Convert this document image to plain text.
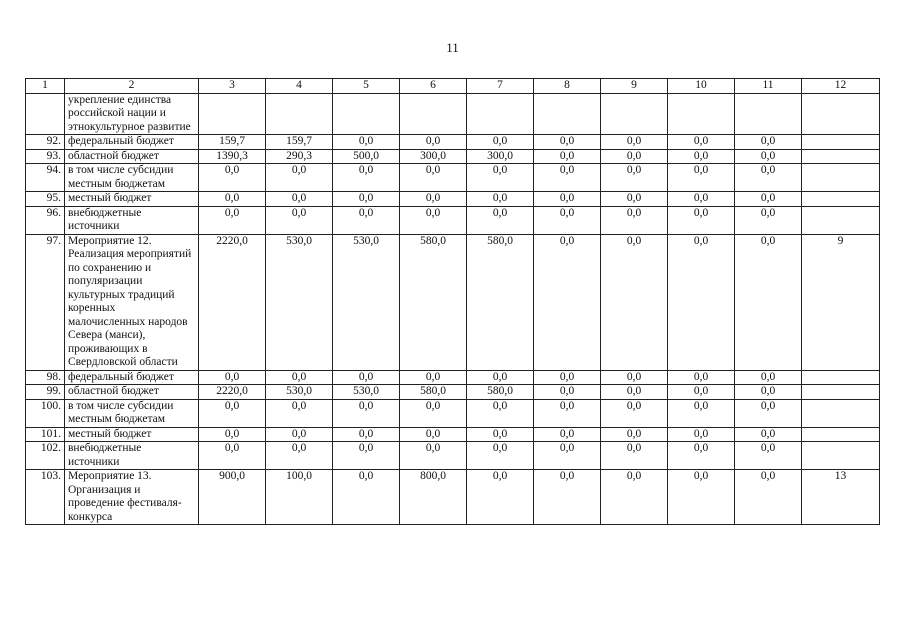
11
1	2	3	4	5	6	7	8	9	10	11	12
	укрепление единства российской нации и этнокультурное развитие										
92.	федеральный бюджет	159,7	159,7	0,0	0,0	0,0	0,0	0,0	0,0	0,0	
93.	областной бюджет	1390,3	290,3	500,0	300,0	300,0	0,0	0,0	0,0	0,0	
94.	в том числе субсидии местным бюджетам	0,0	0,0	0,0	0,0	0,0	0,0	0,0	0,0	0,0	
95.	местный бюджет	0,0	0,0	0,0	0,0	0,0	0,0	0,0	0,0	0,0	
96.	внебюджетные источники	0,0	0,0	0,0	0,0	0,0	0,0	0,0	0,0	0,0	
97.	Мероприятие 12. Реализация мероприятий по сохранению и популяризации культурных традиций коренных малочисленных народов Севера (манси), проживающих в Свердловской области	2220,0	530,0	530,0	580,0	580,0	0,0	0,0	0,0	0,0	9
98.	федеральный бюджет	0,0	0,0	0,0	0,0	0,0	0,0	0,0	0,0	0,0	
99.	областной бюджет	2220,0	530,0	530,0	580,0	580,0	0,0	0,0	0,0	0,0	
100.	в том числе субсидии местным бюджетам	0,0	0,0	0,0	0,0	0,0	0,0	0,0	0,0	0,0	
101.	местный бюджет	0,0	0,0	0,0	0,0	0,0	0,0	0,0	0,0	0,0	
102.	внебюджетные источники	0,0	0,0	0,0	0,0	0,0	0,0	0,0	0,0	0,0	
103.	Мероприятие 13. Организация и проведение фестиваля-конкурса	900,0	100,0	0,0	800,0	0,0	0,0	0,0	0,0	0,0	13
